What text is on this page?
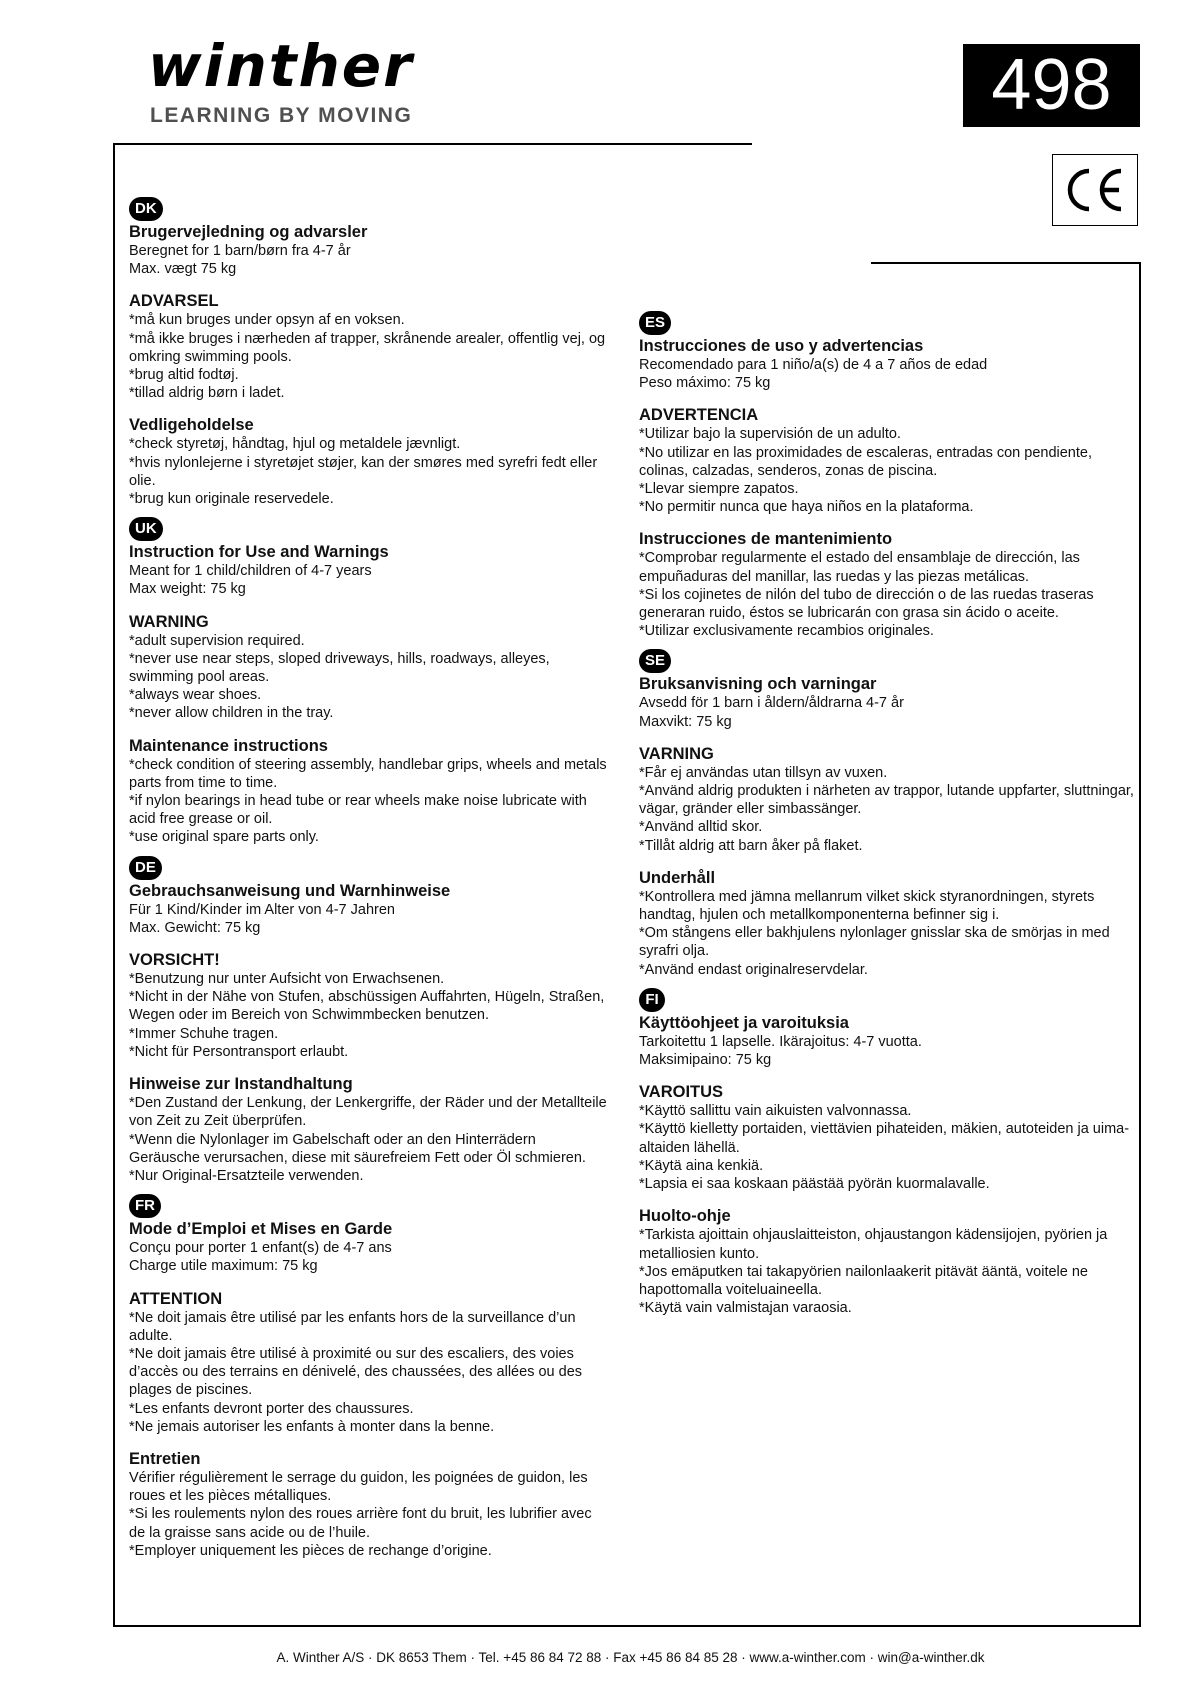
winther
LEARNING BY MOVING	498
DK
Brugervejledning og advarsler
Beregnet for 1 barn/børn fra 4-7 år
Max. vægt 75 kg
ADVARSEL
*må kun bruges under opsyn af en voksen.
*må ikke bruges i nærheden af trapper, skrånende arealer, offentlig vej, og omkring swimming pools.
*brug altid fodtøj.
*tillad aldrig børn i ladet.
Vedligeholdelse
*check styretøj, håndtag, hjul og metaldele jævnligt.
*hvis nylonlejerne i styretøjet støjer, kan der smøres med syrefri fedt eller olie.
*brug kun originale reservedele.
UK
Instruction for Use and Warnings
Meant for 1 child/children of 4-7 years
Max weight: 75 kg
WARNING
*adult supervision required.
*never use near steps, sloped driveways, hills, roadways, alleyes, swimming pool areas.
*always wear shoes.
*never allow children in the tray.
Maintenance instructions
*check condition of steering assembly, handlebar grips, wheels and metals parts from time to time.
*if nylon bearings in head tube or rear wheels make noise lubricate with acid free grease or oil.
*use original spare parts only.
DE
Gebrauchsanweisung und Warnhinweise
Für 1 Kind/Kinder im Alter von 4-7 Jahren
Max. Gewicht: 75 kg
VORSICHT!
*Benutzung nur unter Aufsicht von Erwachsenen.
*Nicht in der Nähe von Stufen, abschüssigen Auffahrten, Hügeln, Straßen, Wegen oder im Bereich von Schwimmbecken benutzen.
*Immer Schuhe tragen.
*Nicht für Persontransport erlaubt.
Hinweise zur Instandhaltung
*Den Zustand der Lenkung, der Lenkergriffe, der Räder und der Metallteile von Zeit zu Zeit überprüfen.
*Wenn die Nylonlager im Gabelschaft oder an den Hinterrädern Geräusche verursachen, diese mit säurefreiem Fett oder Öl schmieren.
*Nur Original-Ersatzteile verwenden.
FR
Mode d’Emploi et Mises en Garde
Conçu pour porter 1 enfant(s) de 4-7 ans
Charge utile maximum: 75 kg
ATTENTION
*Ne doit jamais être utilisé par les enfants hors de la surveillance d’un adulte.
*Ne doit jamais être utilisé à proximité ou sur des escaliers, des voies d’accès ou des terrains en dénivelé, des chaussées, des allées ou des plages de piscines.
*Les enfants devront porter des chaussures.
*Ne jemais autoriser les enfants à monter dans la benne.
Entretien
Vérifier régulièrement le serrage du guidon, les poignées de guidon, les roues et les pièces métalliques.
*Si les roulements nylon des roues arrière font du bruit, les lubrifier avec de la graisse sans acide ou de l’huile.
*Employer uniquement les pièces de rechange d’origine.
ES
Instrucciones de uso y advertencias
Recomendado para 1 niño/a(s) de 4 a 7 años de edad
Peso máximo: 75 kg
ADVERTENCIA
*Utilizar bajo la supervisión de un adulto.
*No utilizar en las proximidades de escaleras, entradas con pendiente, colinas, calzadas, senderos, zonas de piscina.
*Llevar siempre zapatos.
*No permitir nunca que haya niños en la plataforma.
Instrucciones de mantenimiento
*Comprobar regularmente el estado del ensamblaje de dirección, las empuñaduras del manillar, las ruedas y las piezas metálicas.
*Si los cojinetes de nilón del tubo de dirección o de las ruedas traseras generaran ruido, éstos se lubricarán con grasa sin ácido o aceite.
*Utilizar exclusivamente recambios originales.
SE
Bruksanvisning och varningar
Avsedd för 1 barn i åldern/åldrarna 4-7 år
Maxvikt: 75 kg
VARNING
*Får ej användas utan tillsyn av vuxen.
*Använd aldrig produkten i närheten av trappor, lutande uppfarter, sluttningar, vägar, gränder eller simbassänger.
*Använd alltid skor.
*Tillåt aldrig att barn åker på flaket.
Underhåll
*Kontrollera med jämna mellanrum vilket skick styranordningen, styrets handtag, hjulen och metallkomponenterna befinner sig i.
*Om stångens eller bakhjulens nylonlager gnisslar ska de smörjas in med syrafri olja.
*Använd endast originalreservdelar.
FI
Käyttöohjeet ja varoituksia
Tarkoitettu 1 lapselle. Ikärajoitus: 4-7 vuotta.
Maksimipaino: 75 kg
VAROITUS
*Käyttö sallittu vain aikuisten valvonnassa.
*Käyttö kielletty portaiden, viettävien pihateiden, mäkien, autoteiden ja uima-altaiden lähellä.
*Käytä aina kenkiä.
*Lapsia ei saa koskaan päästää pyörän kuormalavalle.
Huolto-ohje
*Tarkista ajoittain ohjauslaitteiston, ohjaustangon kädensijojen, pyörien ja metalliosien kunto.
*Jos emäputken tai takapyörien nailonlaakerit pitävät ääntä, voitele ne hapottomalla voiteluaineella.
*Käytä vain valmistajan varaosia.
A. Winther A/S · DK 8653 Them · Tel. +45 86 84 72 88 · Fax +45 86 84 85 28 · www.a-winther.com · win@a-winther.dk
